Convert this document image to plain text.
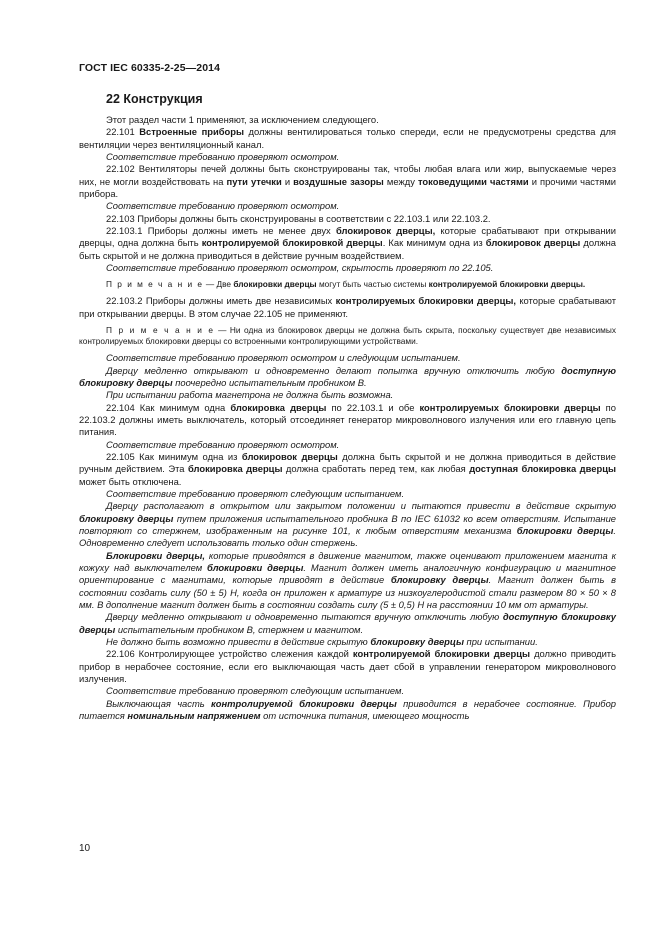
ГОСТ IEC 60335-2-25—2014
22 Конструкция

Этот раздел части 1 применяют, за исключением следующего.

22.101 Встроенные приборы должны вентилироваться только спереди, если не предусмотрены средства для вентиляции через вентиляционный канал.

Соответствие требованию проверяют осмотром.

22.102 Вентиляторы печей должны быть сконструированы так, чтобы любая влага или жир, выпускаемые через них, не могли воздействовать на пути утечки и воздушные зазоры между токоведущими частями и прочими частями прибора.

Соответствие требованию проверяют осмотром.

22.103 Приборы должны быть сконструированы в соответствии с 22.103.1 или 22.103.2.

22.103.1 Приборы должны иметь не менее двух блокировок дверцы, которые срабатывают при открывании дверцы, одна должна быть контролируемой блокировкой дверцы. Как минимум одна из блокировок дверцы должна быть скрытой и не должна приводиться в действие ручным воздействием.

Соответствие требованию проверяют осмотром, скрытость проверяют по 22.105.

П р и м е ч а н и е — Две блокировки дверцы могут быть частью системы контролируемой блокировки дверцы.

22.103.2 Приборы должны иметь две независимых контролируемых блокировки дверцы, которые срабатывают при открывании дверцы. В этом случае 22.105 не применяют.

П р и м е ч а н и е — Ни одна из блокировок дверцы не должна быть скрыта, поскольку существует две независимых контролируемых блокировки дверцы со встроенными контролирующими устройствами.

Соответствие требованию проверяют осмотром и следующим испытанием.

Дверцу медленно открывают и одновременно делают попытка вручную отключить любую доступную блокировку дверцы поочередно испытательным пробником В.

При испытании работа магнетрона не должна быть возможна.

22.104 Как минимум одна блокировка дверцы по 22.103.1 и обе контролируемых блокировки дверцы по 22.103.2 должны иметь выключатель, который отсоединяет генератор микроволнового излучения или его главную цепь питания.

Соответствие требованию проверяют осмотром.

22.105 Как минимум одна из блокировок дверцы должна быть скрытой и не должна приводиться в действие ручным действием. Эта блокировка дверцы должна сработать перед тем, как любая доступная блокировка дверцы может быть отключена.

Соответствие требованию проверяют следующим испытанием.

Дверцу располагают в открытом или закрытом положении и пытаются привести в действие скрытую блокировку дверцы путем приложения испытательного пробника В по IEC 61032 ко всем отверстиям. Испытание повторяют со стержнем, изображенным на рисунке 101, к любым отверстиям механизма блокировки дверцы. Одновременно следует использовать только один стержень.

Блокировки дверцы, которые приводятся в движение магнитом, также оценивают приложением магнита к кожуху над выключателем блокировки дверцы. Магнит должен иметь аналогичную конфигурацию и магнитное ориентирование с магнитами, которые приводят в действие блокировку дверцы. Магнит должен быть в состоянии создать силу (50 ± 5) Н, когда он приложен к арматуре из низкоуглеродистой стали размером 80 × 50 × 8 мм. В дополнение магнит должен быть в состоянии создать силу (5 ± 0,5) Н на расстоянии 10 мм от арматуры.

Дверцу медленно открывают и одновременно пытаются вручную отключить любую доступную блокировку дверцы испытательным пробником В, стержнем и магнитом.

Не должно быть возможно привести в действие скрытую блокировку дверцы при испытании.

22.106 Контролирующее устройство слежения каждой контролируемой блокировки дверцы должно приводить прибор в нерабочее состояние, если его выключающая часть дает сбой в управлении генератором микроволнового излучения.

Соответствие требованию проверяют следующим испытанием.

Выключающая часть контролируемой блокировки дверцы приводится в нерабочее состояние. Прибор питается номинальным напряжением от источника питания, имеющего мощность

10
